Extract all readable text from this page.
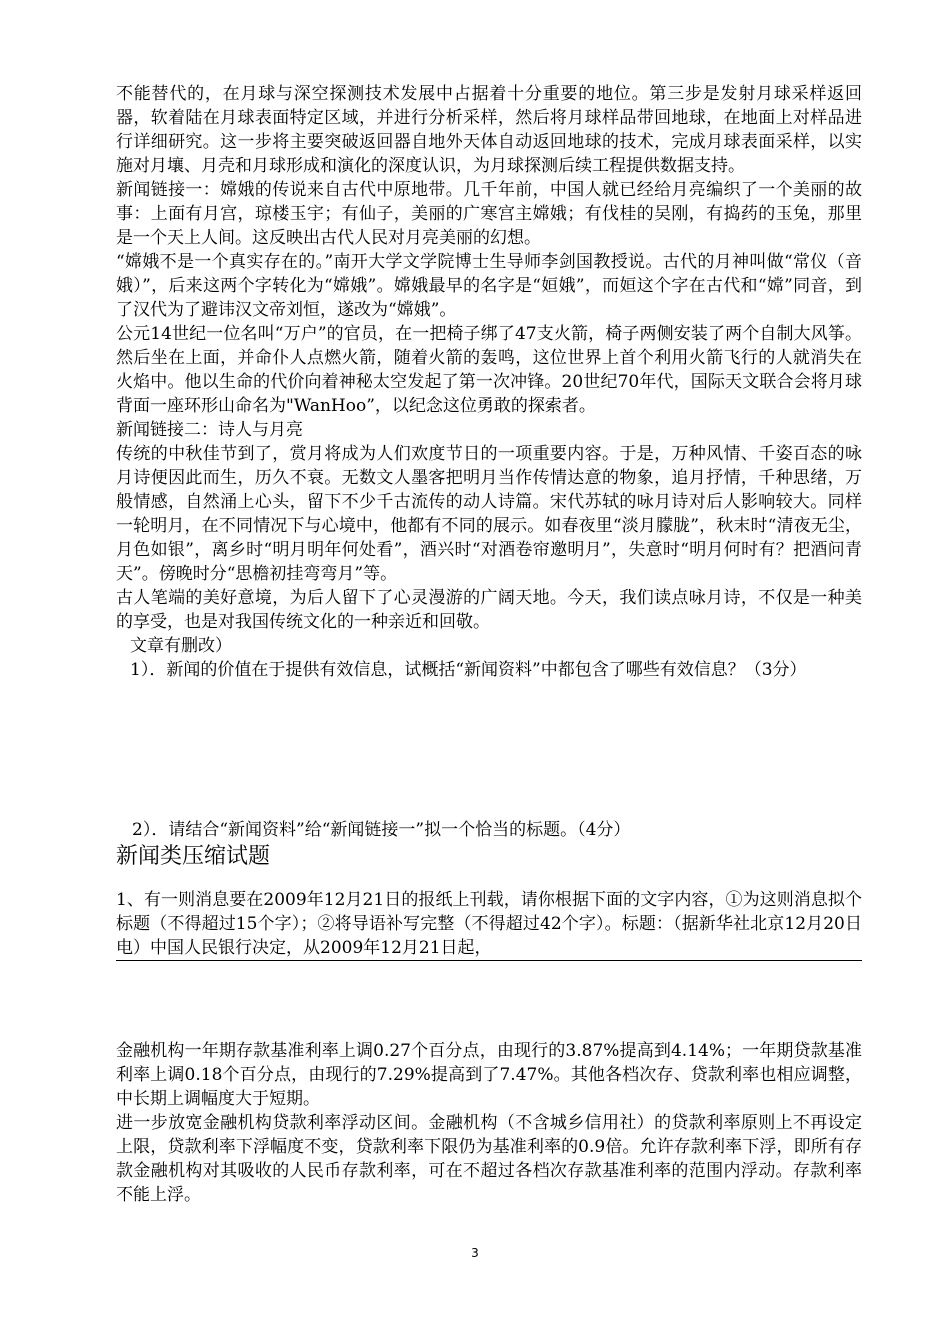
不能替代的，在月球与深空探测技术发展中占据着十分重要的地位。第三步是发射月球采样返回器，软着陆在月球表面特定区域，并进行分析采样，然后将月球样品带回地球，在地面上对样品进行详细研究。这一步将主要突破返回器自地外天体自动返回地球的技术，完成月球表面采样，以实施对月壤、月壳和月球形成和演化的深度认识，为月球探测后续工程提供数据支持。

新闻链接一：嫦娥的传说来自古代中原地带。几千年前，中国人就已经给月亮编织了一个美丽的故事：上面有月宫，琼楼玉宇；有仙子，美丽的广寒宫主嫦娥；有伐桂的吴刚，有捣药的玉兔，那里是一个天上人间。这反映出古代人民对月亮美丽的幻想。

“嫦娥不是一个真实存在的。”南开大学文学院博士生导师李剑国教授说。古代的月神叫做“常仪（音娥）”，后来这两个字转化为“嫦娥”。嫦娥最早的名字是“姮娥”，而姮这个字在古代和“嫦”同音，到了汉代为了避讳汉文帝刘恒，遂改为“嫦娥”。

公元14世纪一位名叫“万户”的官员，在一把椅子绑了47支火箭，椅子两侧安装了两个自制大风筝。然后坐在上面，并命仆人点燃火箭，随着火箭的轰鸣，这位世界上首个利用火箭飞行的人就消失在火焰中。他以生命的代价向着神秘太空发起了第一次冲锋。20世纪70年代，国际天文联合会将月球背面一座环形山命名为"WanHoo”，以纪念这位勇敢的探索者。

新闻链接二：诗人与月亮

传统的中秋佳节到了，赏月将成为人们欢度节日的一项重要内容。于是，万种风情、千姿百态的咏月诗便因此而生，历久不衰。无数文人墨客把明月当作传情达意的物象，追月抒情，千种思绪，万般情感，自然涌上心头，留下不少千古流传的动人诗篇。宋代苏轼的咏月诗对后人影响较大。同样一轮明月，在不同情况下与心境中，他都有不同的展示。如春夜里“淡月朦胧”，秋末时“清夜无尘，月色如银”，离乡时“明月明年何处看”，酒兴时“对酒卷帘邀明月”，失意时“明月何时有？把酒问青天”。傍晚时分“思檐初挂弯弯月”等。

古人笔端的美好意境，为后人留下了心灵漫游的广阔天地。今天，我们读点咏月诗，不仅是一种美的享受，也是对我国传统文化的一种亲近和回敬。

文章有删改）

1）．新闻的价值在于提供有效信息，试概括“新闻资料”中都包含了哪些有效信息？（3分）

2）．请结合“新闻资料”给“新闻链接一”拟一个恰当的标题。（4分）

新闻类压缩试题

1、有一则消息要在2009年12月21日的报纸上刊载，请你根据下面的文字内容，①为这则消息拟个标题（不得超过15个字）；②将导语补写完整（不得超过42个字）。标题：（据新华社北京12月20日电）中国人民银行决定，从2009年12月21日起，

金融机构一年期存款基准利率上调0.27个百分点，由现行的3.87%提高到4.14%；一年期贷款基准利率上调0.18个百分点，由现行的7.29%提高到了7.47%。其他各档次存、贷款利率也相应调整，中长期上调幅度大于短期。

进一步放宽金融机构贷款利率浮动区间。金融机构（不含城乡信用社）的贷款利率原则上不再设定上限，贷款利率下浮幅度不变，贷款利率下限仍为基准利率的0.9倍。允许存款利率下浮，即所有存款金融机构对其吸收的人民币存款利率，可在不超过各档次存款基准利率的范围内浮动。存款利率不能上浮。

3
